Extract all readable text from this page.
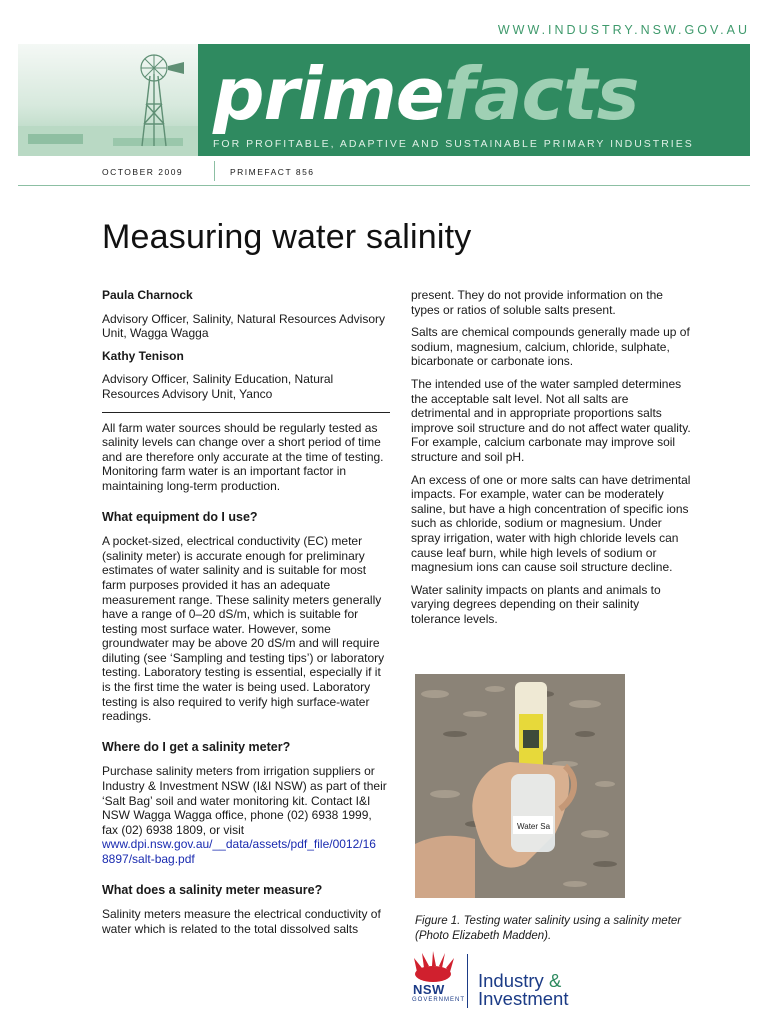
WWW.INDUSTRY.NSW.GOV.AU
primefacts
FOR PROFITABLE, ADAPTIVE AND SUSTAINABLE PRIMARY INDUSTRIES
OCTOBER 2009	PRIMEFACT 856
Measuring water salinity

Paula Charnock

Advisory Officer, Salinity, Natural Resources Advisory Unit, Wagga Wagga

Kathy Tenison

Advisory Officer, Salinity Education, Natural Resources Advisory Unit, Yanco

All farm water sources should be regularly tested as salinity levels can change over a short period of time and are therefore only accurate at the time of testing. Monitoring farm water is an important factor in maintaining long-term production.

What equipment do I use?

A pocket-sized, electrical conductivity (EC) meter (salinity meter) is accurate enough for preliminary estimates of water salinity and is suitable for most farm purposes provided it has an adequate measurement range. These salinity meters generally have a range of 0–20 dS/m, which is suitable for testing most surface water. However, some groundwater may be above 20 dS/m and will require diluting (see ‘Sampling and testing tips’) or laboratory testing. Laboratory testing is essential, especially if it is the first time the water is being used. Laboratory testing is also required to verify high surface-water readings.

Where do I get a salinity meter?

Purchase salinity meters from irrigation suppliers or Industry & Investment NSW (I&I NSW) as part of their ‘Salt Bag’ soil and water monitoring kit. Contact I&I NSW Wagga Wagga office, phone (02) 6938 1999, fax (02) 6938 1809, or visit

www.dpi.nsw.gov.au/__data/assets/pdf_file/0012/16 8897/salt-bag.pdf

What does a salinity meter measure?

Salinity meters measure the electrical conductivity of water which is related to the total dissolved salts

present. They do not provide information on the types or ratios of soluble salts present.

Salts are chemical compounds generally made up of sodium, magnesium, calcium, chloride, sulphate, bicarbonate or carbonate ions.

The intended use of the water sampled determines the acceptable salt level. Not all salts are detrimental and in appropriate proportions salts improve soil structure and do not affect water quality. For example, calcium carbonate may improve soil structure and soil pH.

An excess of one or more salts can have detrimental impacts. For example, water can be moderately saline, but have a high concentration of specific ions such as chloride, sodium or magnesium. Under spray irrigation, water with high chloride levels can cause leaf burn, while high levels of sodium or magnesium ions can cause soil structure decline.

Water salinity impacts on plants and animals to varying degrees depending on their salinity tolerance levels.

Water Sa
Figure 1. Testing water salinity using a salinity meter (Photo Elizabeth Madden).
NSW
GOVERNMENT
Industry &
Investment
